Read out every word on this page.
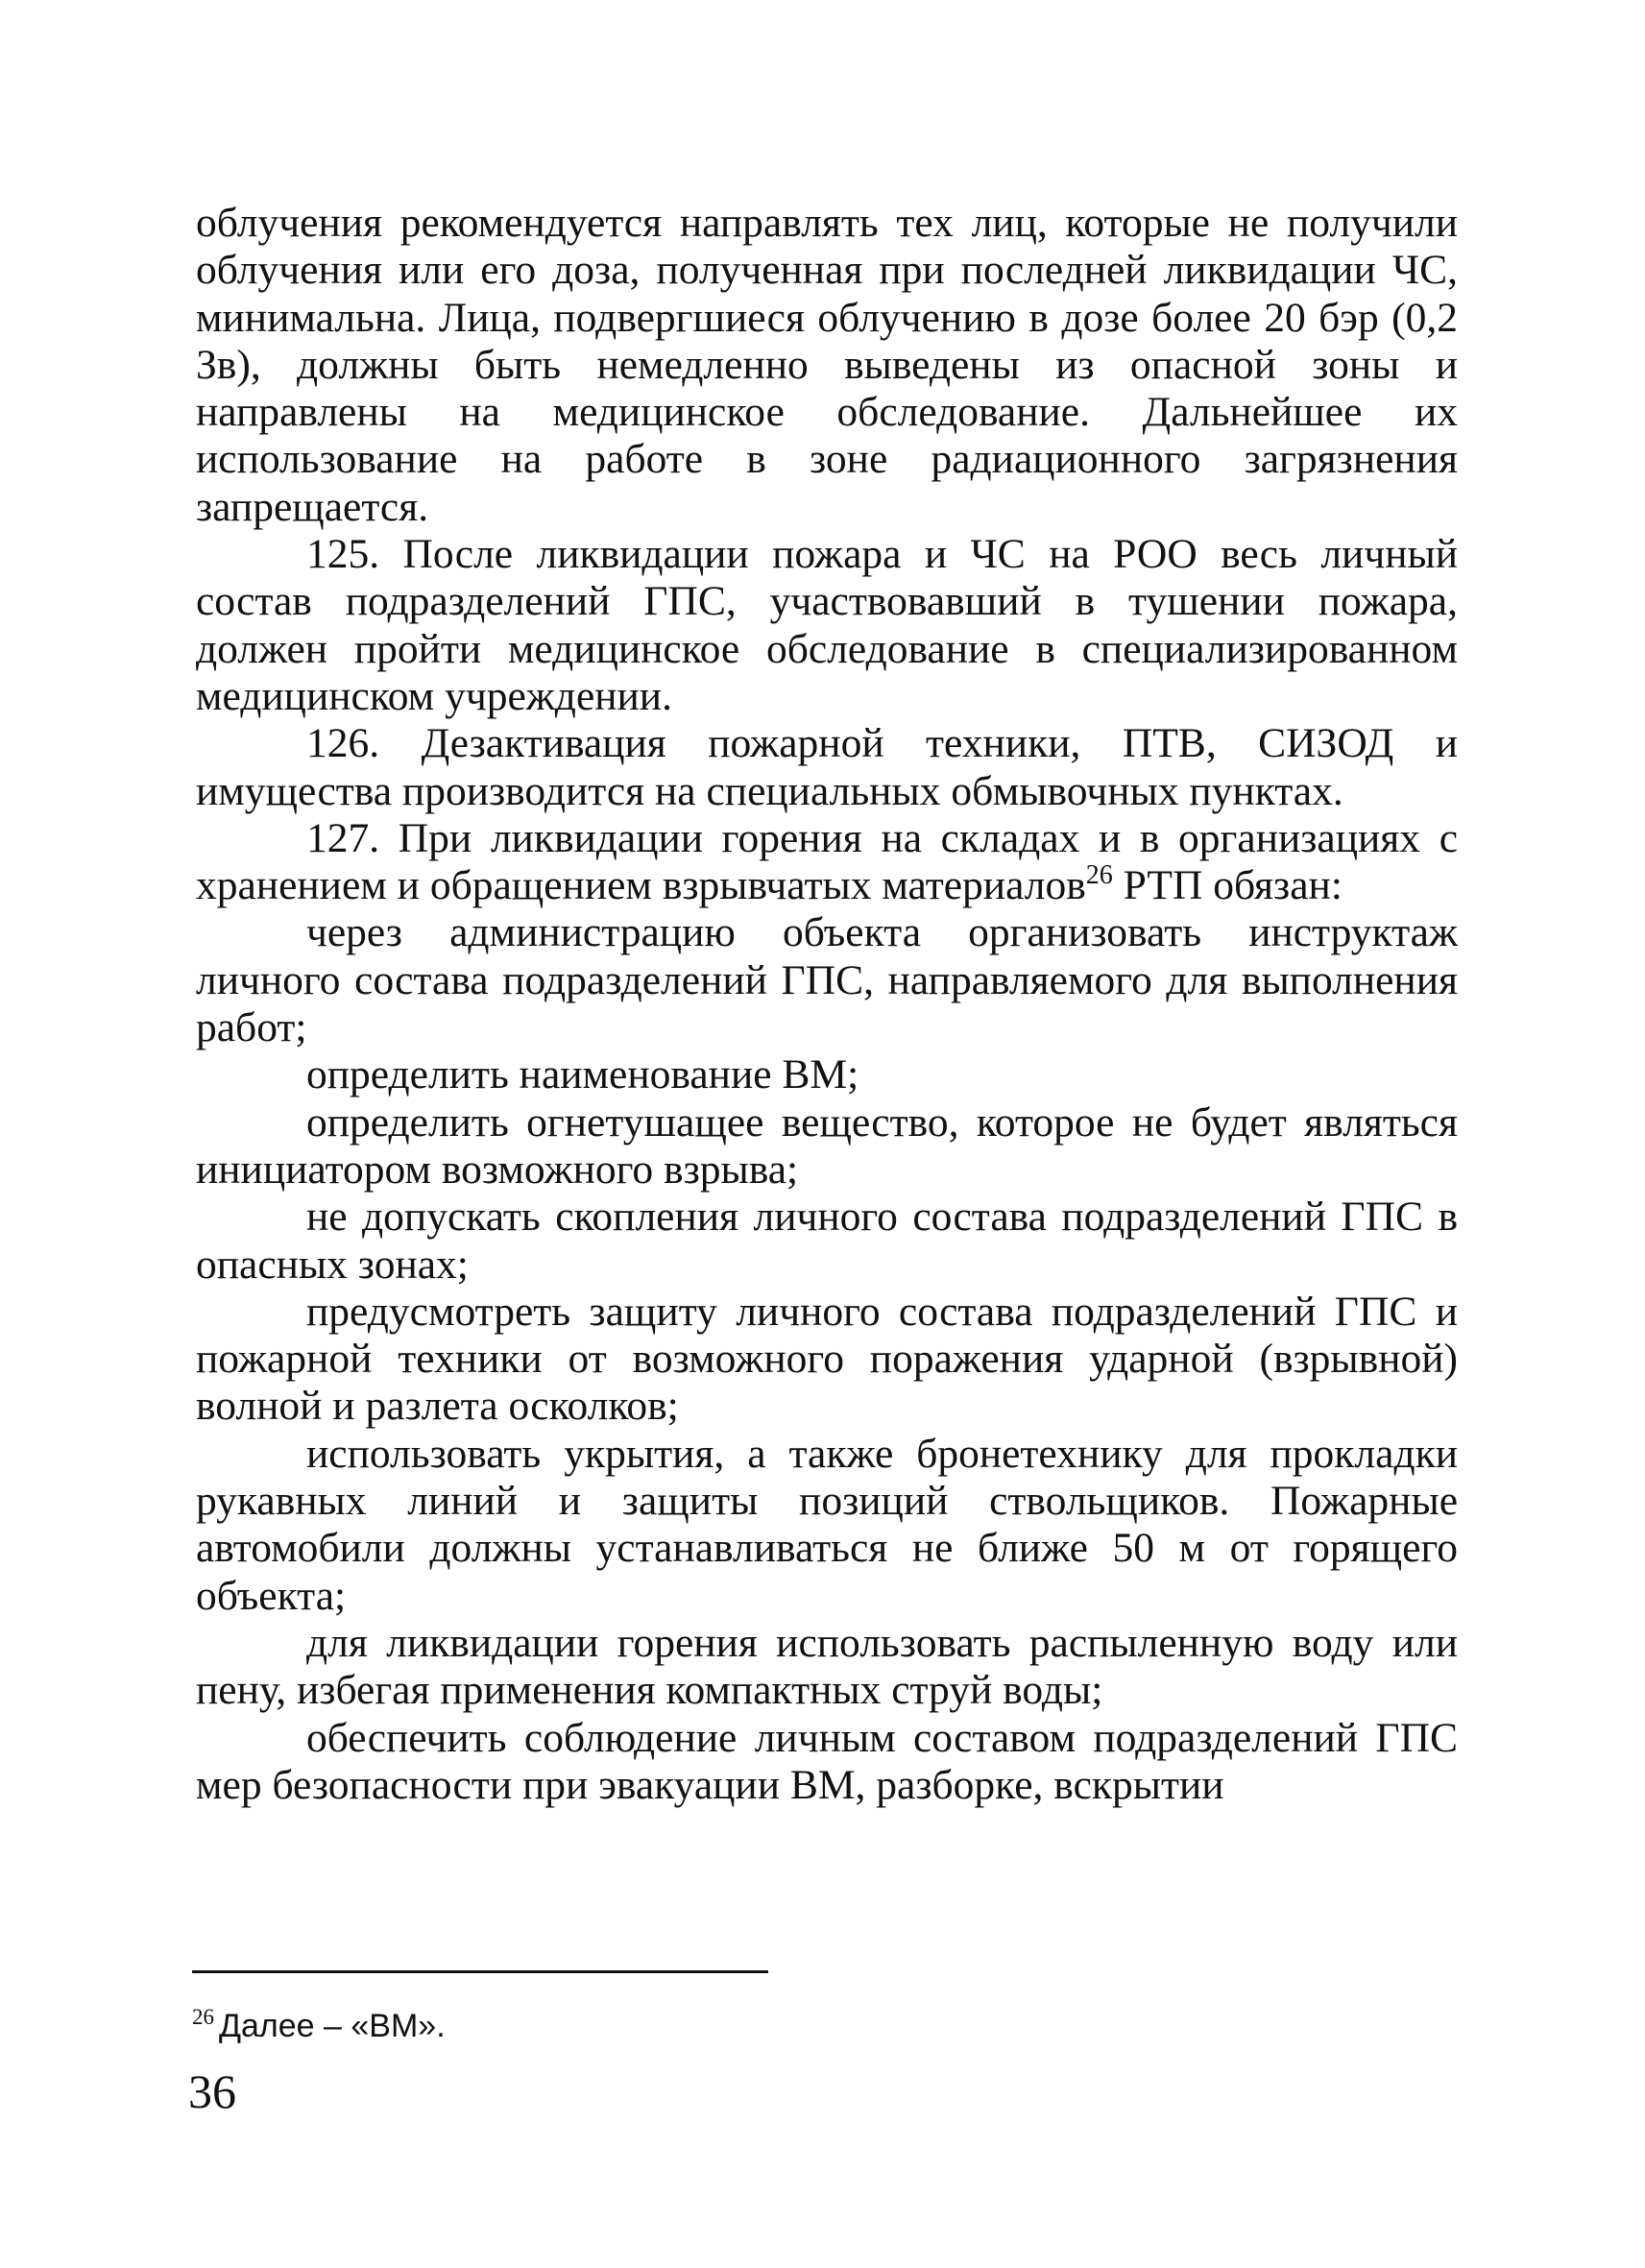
облучения рекомендуется направлять тех лиц, которые не получили облучения или его доза, полученная при последней ликвидации ЧС, минимальна. Лица, подвергшиеся облучению в дозе более 20 бэр (0,2 Зв), должны быть немедленно выведены из опасной зоны и направлены на медицинское обследование. Дальнейшее их использование на работе в зоне радиационного загрязнения запрещается.

125. После ликвидации пожара и ЧС на РОО весь личный состав подразделений ГПС, участвовавший в тушении пожара, должен пройти медицинское обследование в специализированном медицинском учреждении.

126. Дезактивация пожарной техники, ПТВ, СИЗОД и имущества производится на специальных обмывочных пунктах.

127. При ликвидации горения на складах и в организациях с хранением и обращением взрывчатых материалов$^{26}$ РТП обязан:

через администрацию объекта организовать инструктаж личного состава подразделений ГПС, направляемого для выполнения работ;

определить наименование ВМ;

определить огнетушащее вещество, которое не будет являться инициатором возможного взрыва;

не допускать скопления личного состава подразделений ГПС в опасных зонах;

предусмотреть защиту личного состава подразделений ГПС и пожарной техники от возможного поражения ударной (взрывной) волной и разлета осколков;

использовать укрытия, а также бронетехнику для прокладки рукавных линий и защиты позиций ствольщиков. Пожарные автомобили должны устанавливаться не ближе 50 м от горящего объекта;

для ликвидации горения использовать распыленную воду или пену, избегая применения компактных струй воды;

обеспечить соблюдение личным составом подразделений ГПС мер безопасности при эвакуации ВМ, разборке, вскрытии

$^{26}$ Далее – «ВМ».
36
